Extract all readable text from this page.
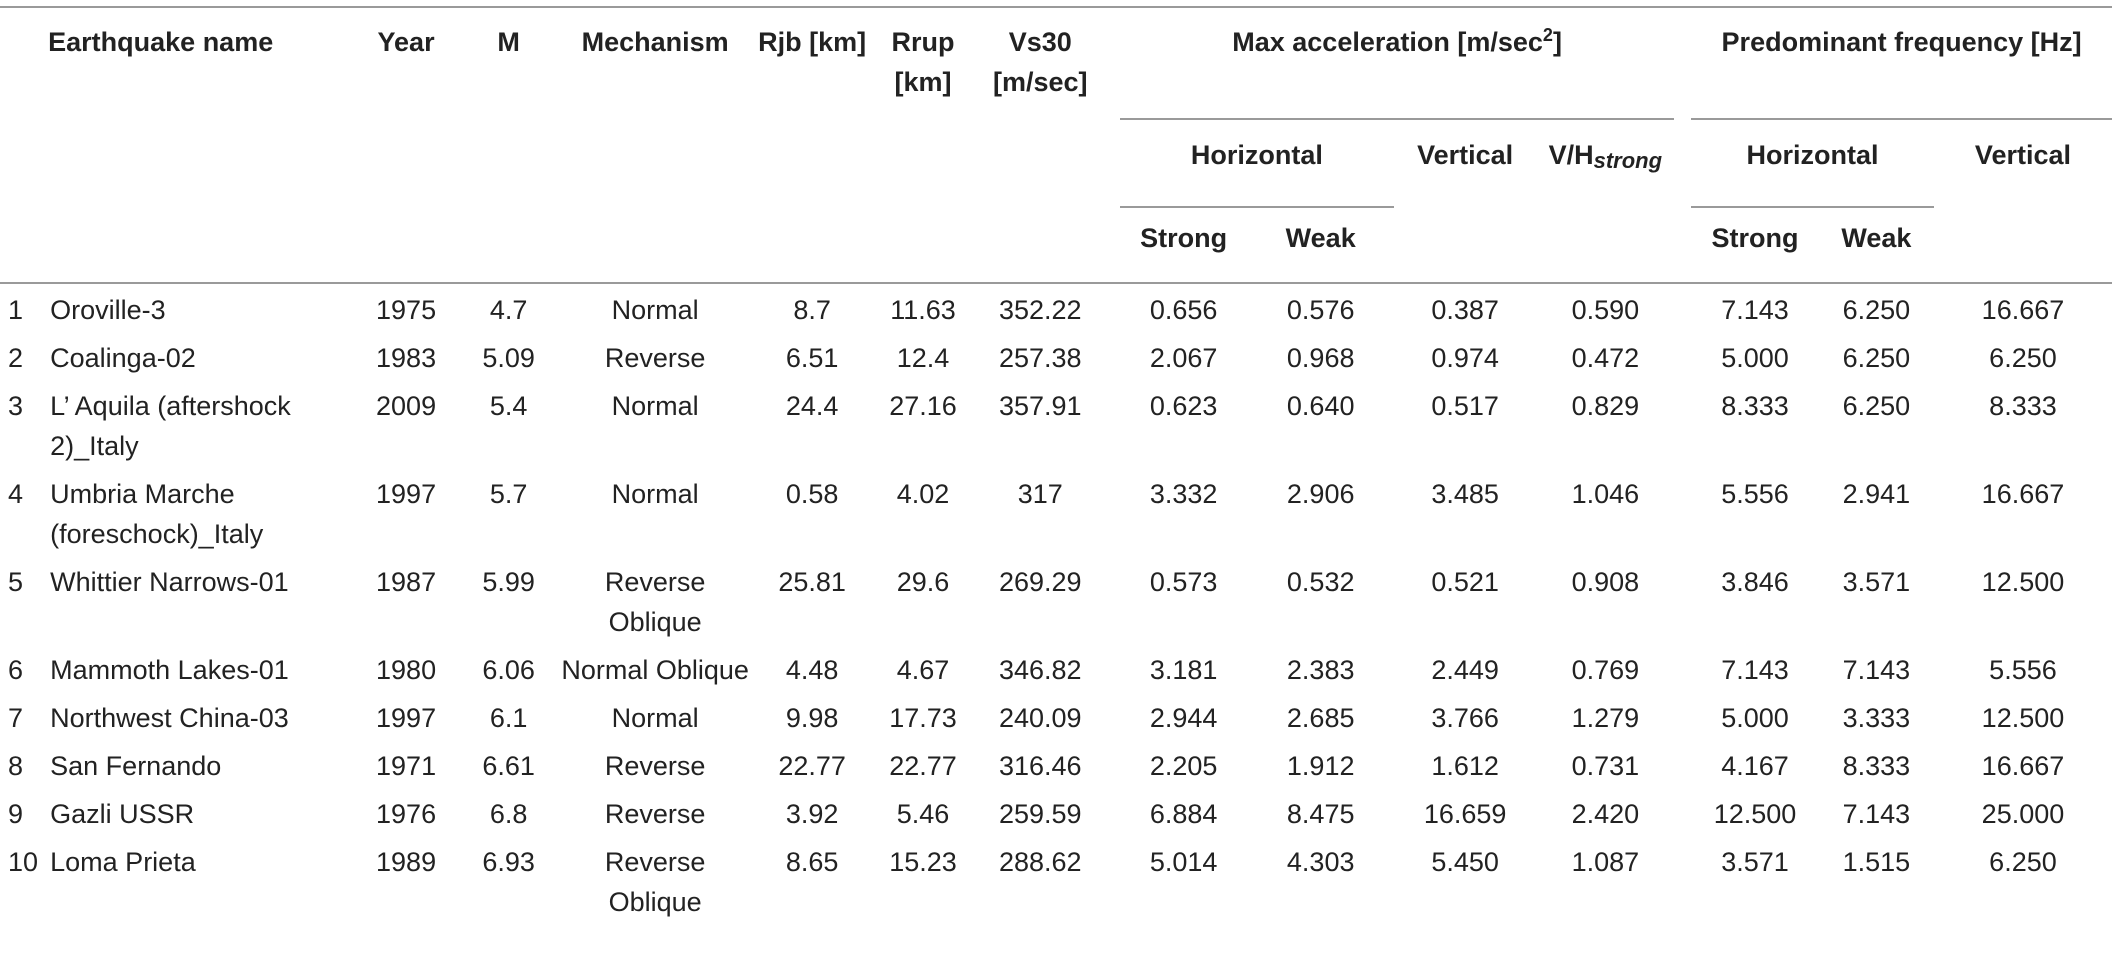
	Earthquake name	Year	M	Mechanism	Rjb [km]	Rrup [km]	Vs30 [m/sec]		Max acceleration $[m/\sec^2]$					Predominant frequency [Hz]		
									Horizontal		Vertical	V/Hstrong		Horizontal		Vertical
									Strong	Weak				Strong	Weak	
1	Oroville-3	1975	4.7	Normal	8.7	11.63	352.22		0.656	0.576	0.387	0.590		7.143	6.250	16.667
2	Coalinga-02	1983	5.09	Reverse	6.51	12.4	257.38		2.067	0.968	0.974	0.472		5.000	6.250	6.250
3	L’ Aquila (aftershock 2)_Italy	2009	5.4	Normal	24.4	27.16	357.91		0.623	0.640	0.517	0.829		8.333	6.250	8.333
4	Umbria Marche (foreschock)_Italy	1997	5.7	Normal	0.58	4.02	317		3.332	2.906	3.485	1.046		5.556	2.941	16.667
5	Whittier Narrows-01	1987	5.99	Reverse Oblique	25.81	29.6	269.29		0.573	0.532	0.521	0.908		3.846	3.571	12.500
6	Mammoth Lakes-01	1980	6.06	Normal Oblique	4.48	4.67	346.82		3.181	2.383	2.449	0.769		7.143	7.143	5.556
7	Northwest China-03	1997	6.1	Normal	9.98	17.73	240.09		2.944	2.685	3.766	1.279		5.000	3.333	12.500
8	San Fernando	1971	6.61	Reverse	22.77	22.77	316.46		2.205	1.912	1.612	0.731		4.167	8.333	16.667
9	Gazli USSR	1976	6.8	Reverse	3.92	5.46	259.59		6.884	8.475	16.659	2.420		12.500	7.143	25.000
10	Loma Prieta	1989	6.93	Reverse Oblique	8.65	15.23	288.62		5.014	4.303	5.450	1.087		3.571	1.515	6.250
